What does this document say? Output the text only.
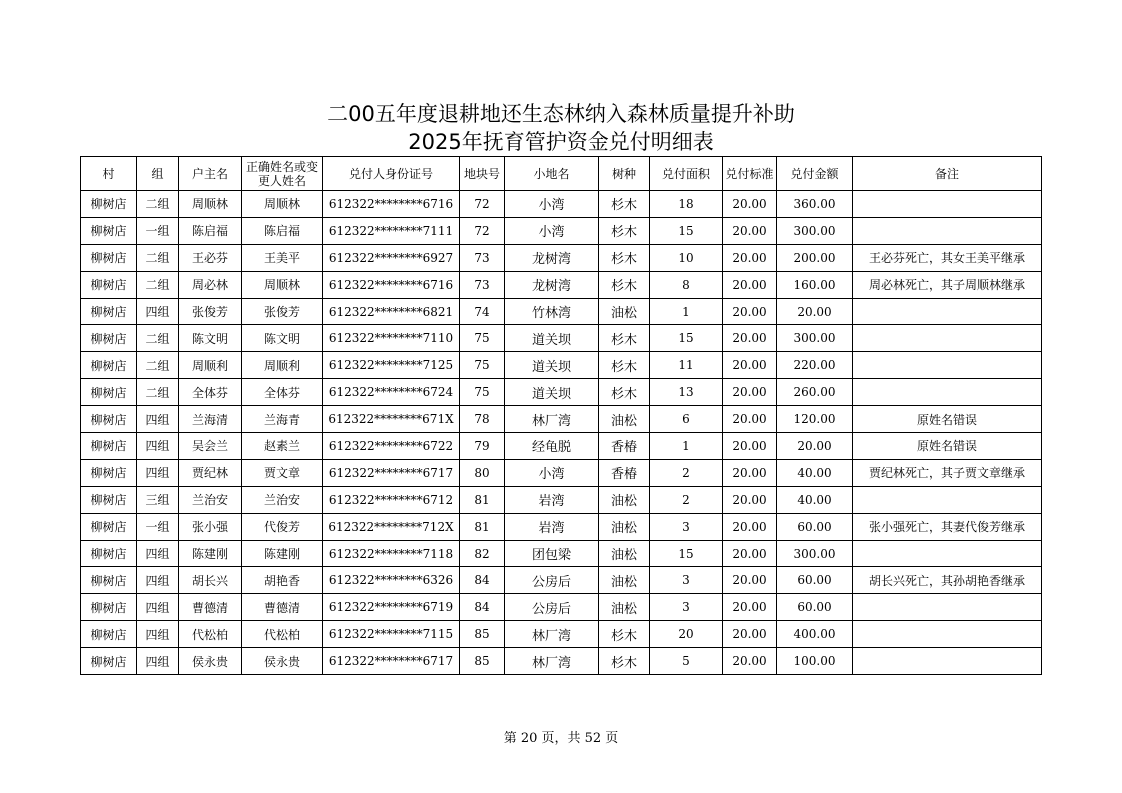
二00五年度退耕地还生态林纳入森林质量提升补助
2025年抚育管护资金兑付明细表
村	组	户主名	正确姓名或变更人姓名	兑付人身份证号	地块号	小地名	树种	兑付面积	兑付标准	兑付金额	备注
柳树店	二组	周顺林	周顺林	612322********6716	72	小湾	杉木	18	20.00	360.00	
柳树店	一组	陈启福	陈启福	612322********7111	72	小湾	杉木	15	20.00	300.00	
柳树店	二组	王必芬	王美平	612322********6927	73	龙树湾	杉木	10	20.00	200.00	王必芬死亡，其女王美平继承
柳树店	二组	周必林	周顺林	612322********6716	73	龙树湾	杉木	8	20.00	160.00	周必林死亡，其子周顺林继承
柳树店	四组	张俊芳	张俊芳	612322********6821	74	竹林湾	油松	1	20.00	20.00	
柳树店	二组	陈文明	陈文明	612322********7110	75	道关坝	杉木	15	20.00	300.00	
柳树店	二组	周顺利	周顺利	612322********7125	75	道关坝	杉木	11	20.00	220.00	
柳树店	二组	全体芬	全体芬	612322********6724	75	道关坝	杉木	13	20.00	260.00	
柳树店	四组	兰海清	兰海青	612322********671X	78	林厂湾	油松	6	20.00	120.00	原姓名错误
柳树店	四组	吴会兰	赵素兰	612322********6722	79	经龟脱	香椿	1	20.00	20.00	原姓名错误
柳树店	四组	贾纪林	贾文章	612322********6717	80	小湾	香椿	2	20.00	40.00	贾纪林死亡，其子贾文章继承
柳树店	三组	兰治安	兰治安	612322********6712	81	岩湾	油松	2	20.00	40.00	
柳树店	一组	张小强	代俊芳	612322********712X	81	岩湾	油松	3	20.00	60.00	张小强死亡，其妻代俊芳继承
柳树店	四组	陈建刚	陈建刚	612322********7118	82	团包梁	油松	15	20.00	300.00	
柳树店	四组	胡长兴	胡艳香	612322********6326	84	公房后	油松	3	20.00	60.00	胡长兴死亡，其孙胡艳香继承
柳树店	四组	曹德清	曹德清	612322********6719	84	公房后	油松	3	20.00	60.00	
柳树店	四组	代松柏	代松柏	612322********7115	85	林厂湾	杉木	20	20.00	400.00	
柳树店	四组	侯永贵	侯永贵	612322********6717	85	林厂湾	杉木	5	20.00	100.00	
第 20 页，共 52 页
